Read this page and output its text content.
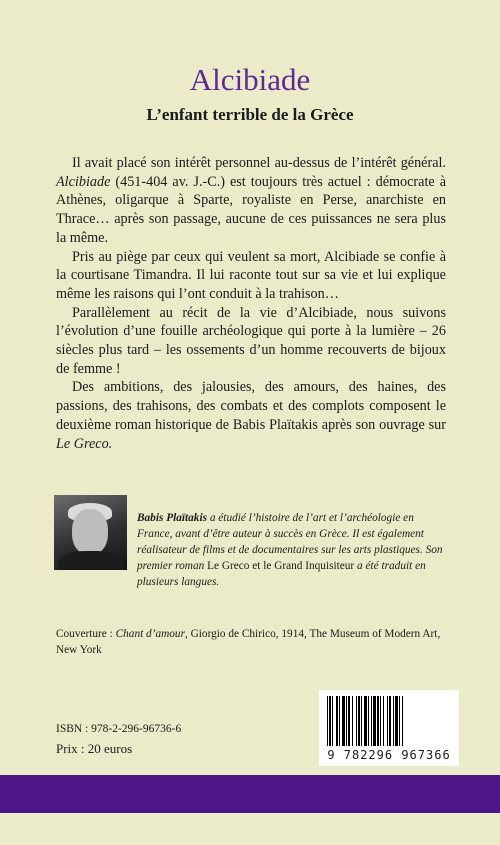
Alcibiade
L’enfant terrible de la Grèce

Il avait placé son intérêt personnel au-dessus de l’intérêt général. Alcibiade (451-404 av. J.-C.) est toujours très actuel : démocrate à Athènes, oligarque à Sparte, royaliste en Perse, anarchiste en Thrace… après son passage, aucune de ces puissances ne sera plus la même.

Pris au piège par ceux qui veulent sa mort, Alcibiade se confie à la courtisane Timandra. Il lui raconte tout sur sa vie et lui explique même les raisons qui l’ont conduit à la trahison…

Parallèlement au récit de la vie d’Alcibiade, nous suivons l’évolution d’une fouille archéologique qui porte à la lumière – 26 siècles plus tard – les ossements d’un homme recouverts de bijoux de femme !

Des ambitions, des jalousies, des amours, des haines, des passions, des trahisons, des combats et des complots composent le deuxième roman historique de Babis Plaïtakis après son ouvrage sur Le Greco.

Babis Plaïtakis a étudié l’histoire de l’art et l’archéologie en France, avant d’être auteur à succès en Grèce. Il est également réalisateur de films et de documentaires sur les arts plastiques. Son premier roman Le Greco et le Grand Inquisiteur a été traduit en plusieurs langues.
Couverture : Chant d’amour, Giorgio de Chirico, 1914, The Museum of Modern Art, New York
ISBN : 978-2-296-96736-6
Prix : 20 euros	9 782296 967366
